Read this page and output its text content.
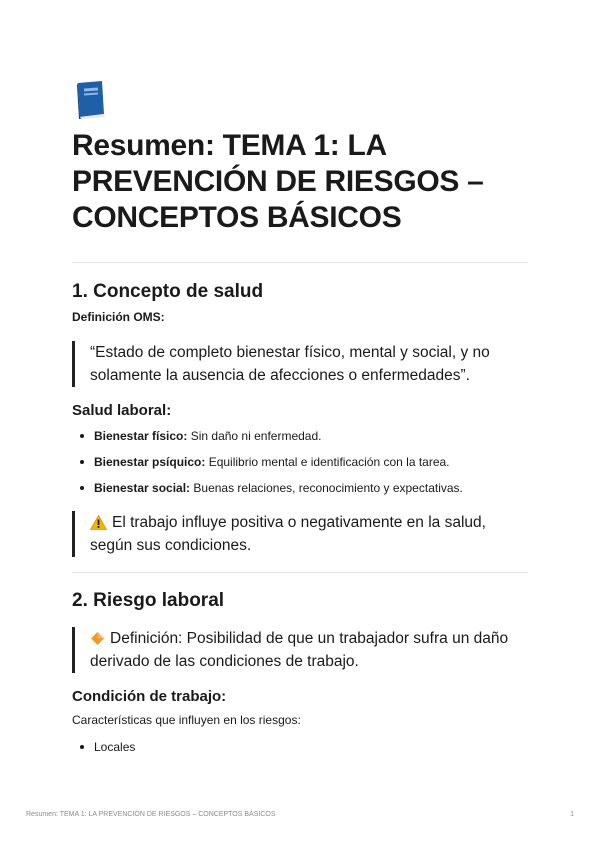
Resumen: TEMA 1: LA PREVENCIÓN DE RIESGOS – CONCEPTOS BÁSICOS
1. Concepto de salud
Definición OMS:
“Estado de completo bienestar físico, mental y social, y no solamente la ausencia de afecciones o enfermedades”.
Salud laboral:
Bienestar físico: Sin daño ni enfermedad.
Bienestar psíquico: Equilibrio mental e identificación con la tarea.
Bienestar social: Buenas relaciones, reconocimiento y expectativas.
El trabajo influye positiva o negativamente en la salud, según sus condiciones.
2. Riesgo laboral
Definición: Posibilidad de que un trabajador sufra un daño derivado de las condiciones de trabajo.
Condición de trabajo:
Características que influyen en los riesgos:
Locales
Resumen: TEMA 1: LA PREVENCIÓN DE RIESGOS – CONCEPTOS BÁSICOS	1
